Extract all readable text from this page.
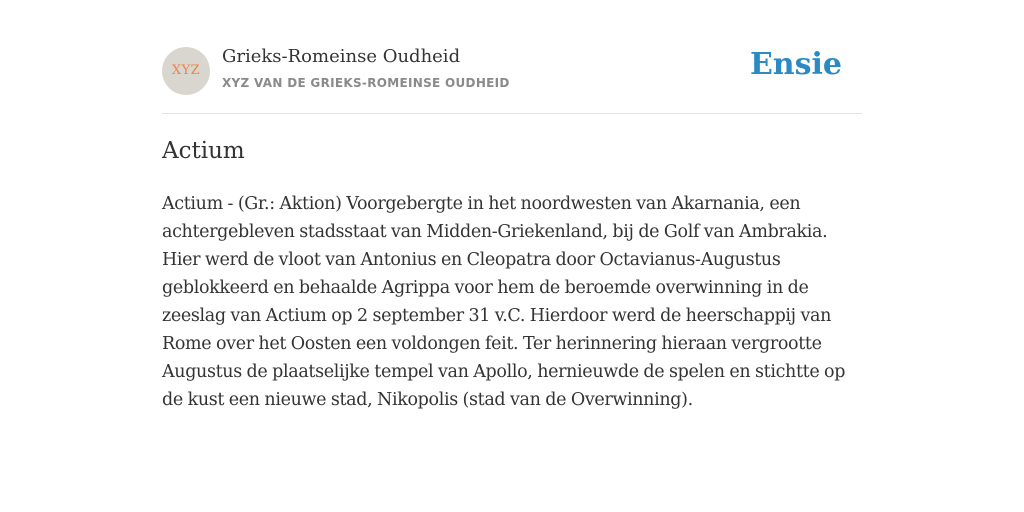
XYZ
Grieks-Romeinse Oudheid
XYZ VAN DE GRIEKS-ROMEINSE OUDHEID
Ensie
Actium

Actium - (Gr.: Aktion) Voorgebergte in het noordwesten van Akarnania, een achtergebleven stadsstaat van Midden-Griekenland, bij de Golf van Ambrakia. Hier werd de vloot van Antonius en Cleopatra door Octavianus-Augustus geblokkeerd en behaalde Agrippa voor hem de beroemde overwinning in de zeeslag van Actium op 2 september 31 v.C. Hierdoor werd de heerschappij van Rome over het Oosten een voldongen feit. Ter herinnering hieraan vergrootte Augustus de plaatselijke tempel van Apollo, hernieuwde de spelen en stichtte op de kust een nieuwe stad, Nikopolis (stad van de Overwinning).
